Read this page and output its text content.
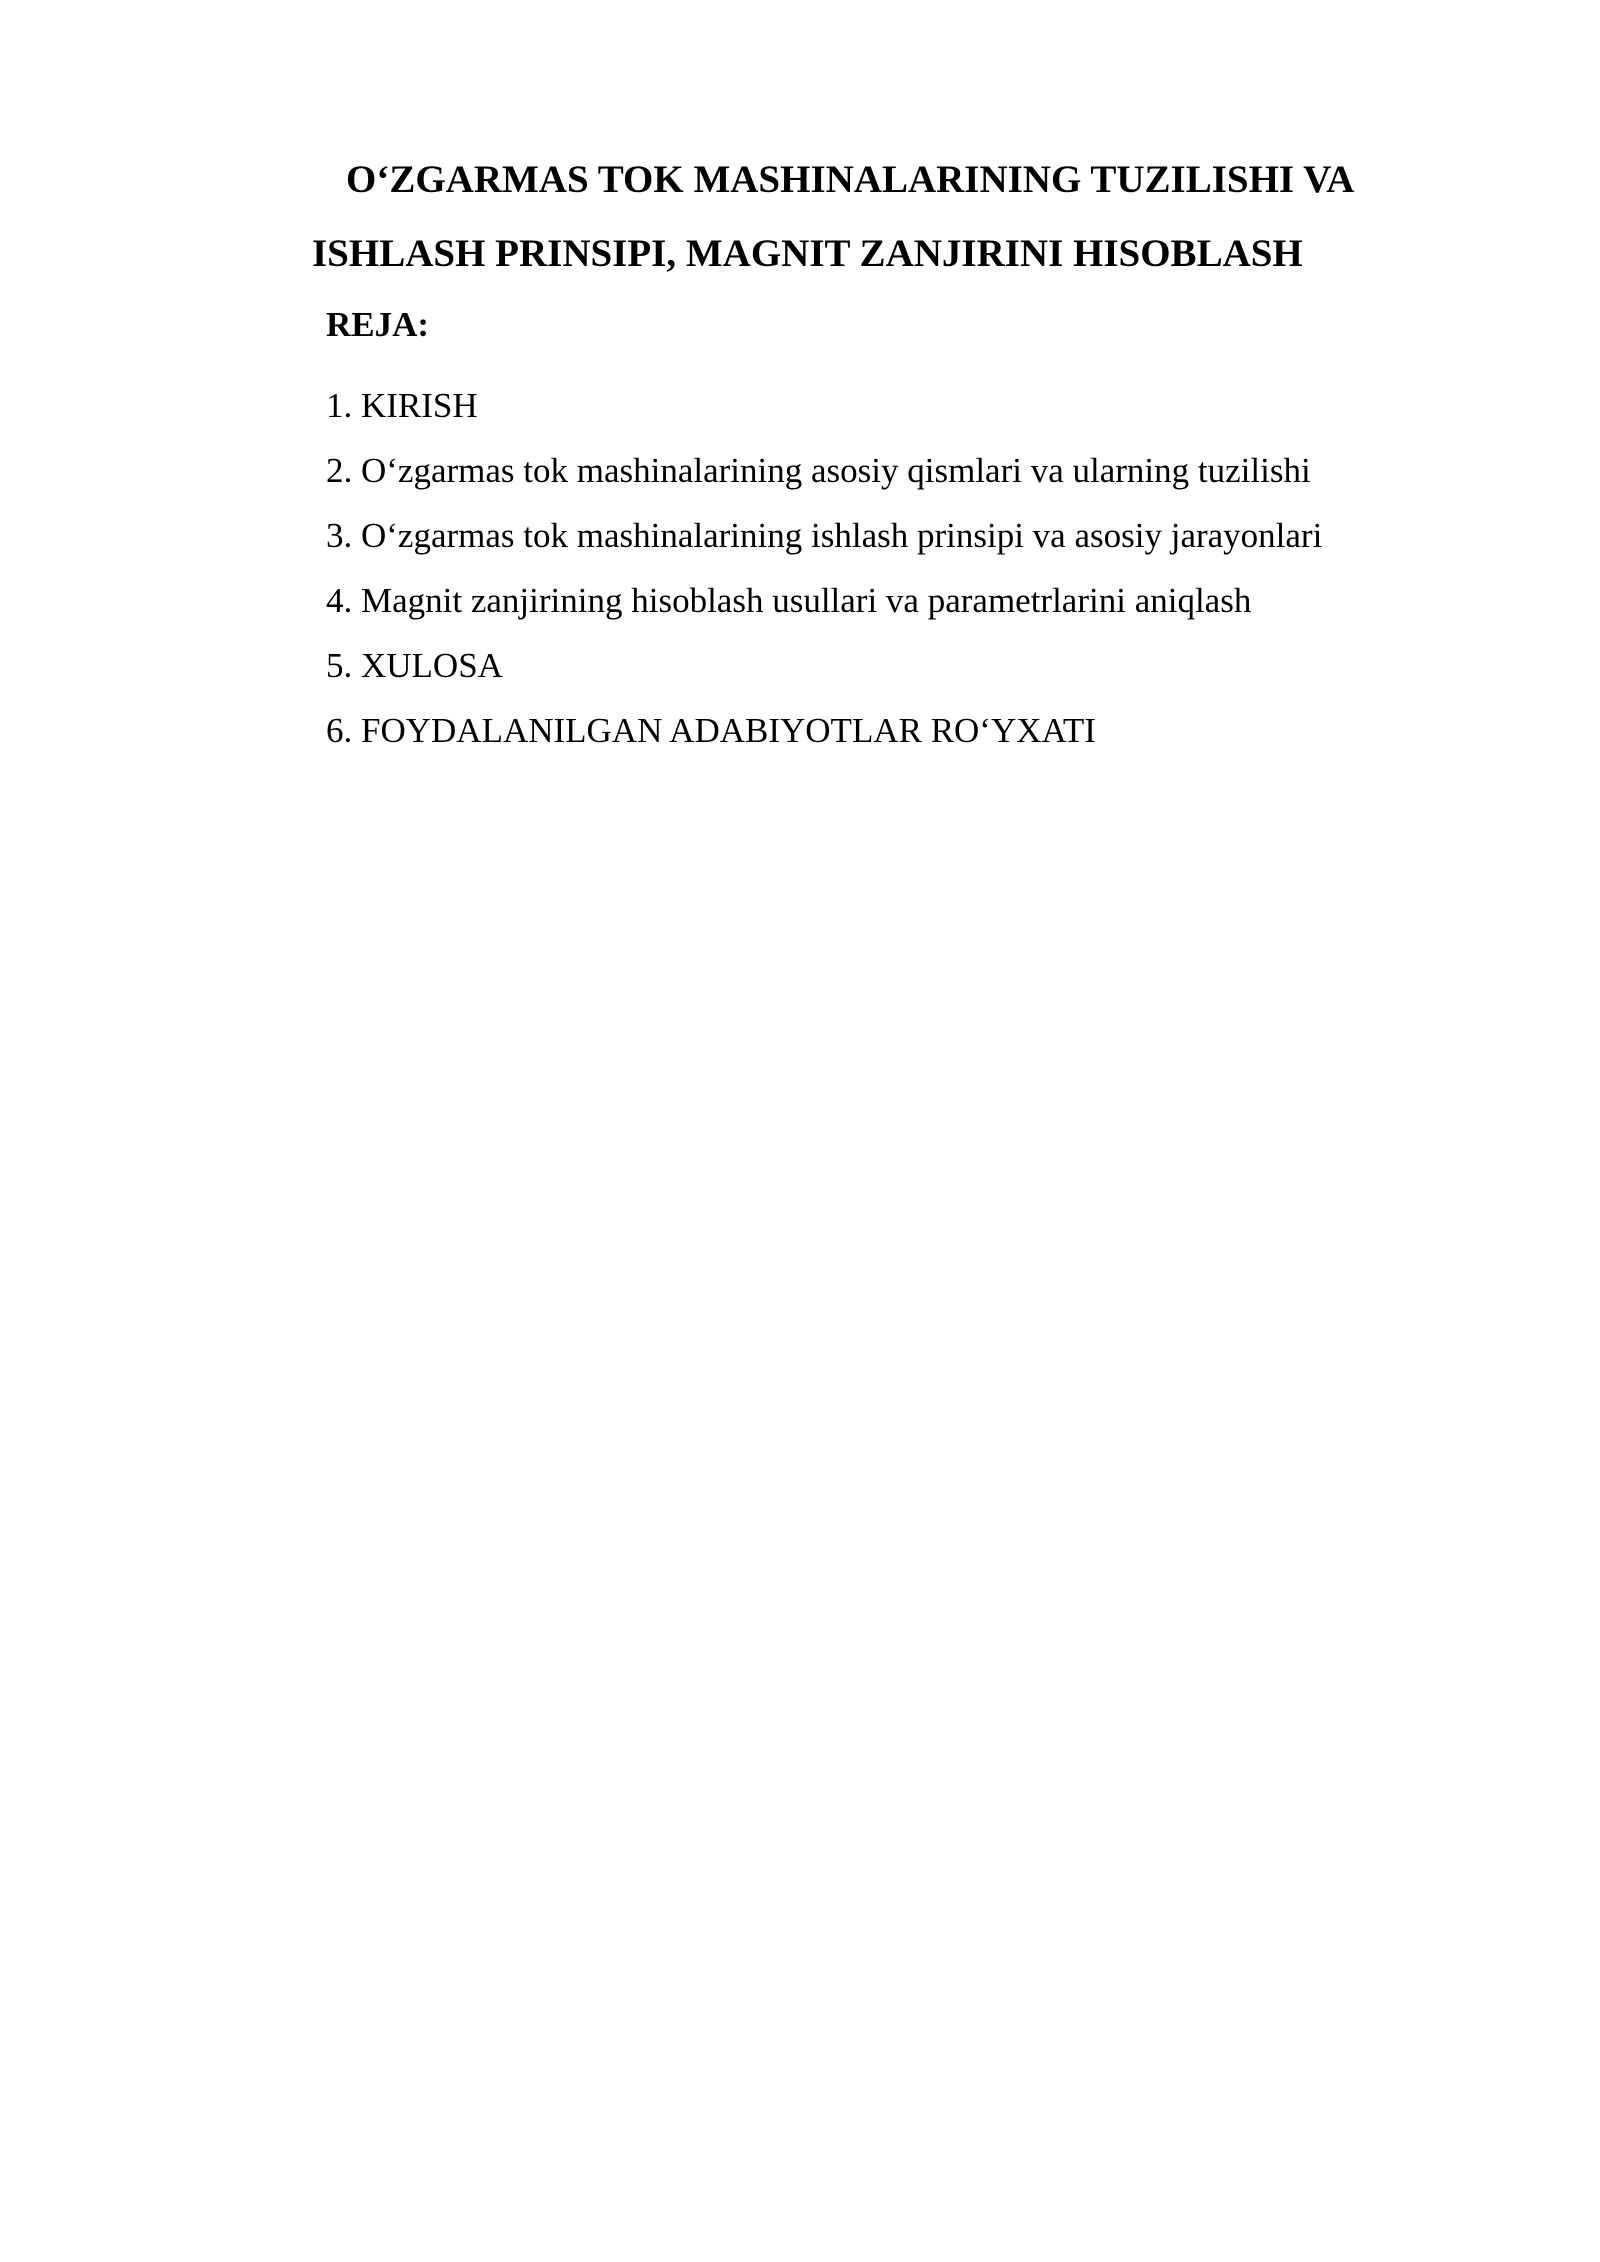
O‘ZGARMAS TOK MASHINALARINING TUZILISHI VA
ISHLASH PRINSIPI, MAGNIT ZANJIRINI HISOBLASH
REJA:
1. KIRISH
2. O‘zgarmas tok mashinalarining asosiy qismlari va ularning tuzilishi
3. O‘zgarmas tok mashinalarining ishlash prinsipi va asosiy jarayonlari
4. Magnit zanjirining hisoblash usullari va parametrlarini aniqlash
5. XULOSA
6. FOYDALANILGAN ADABIYOTLAR RO‘YXATI
